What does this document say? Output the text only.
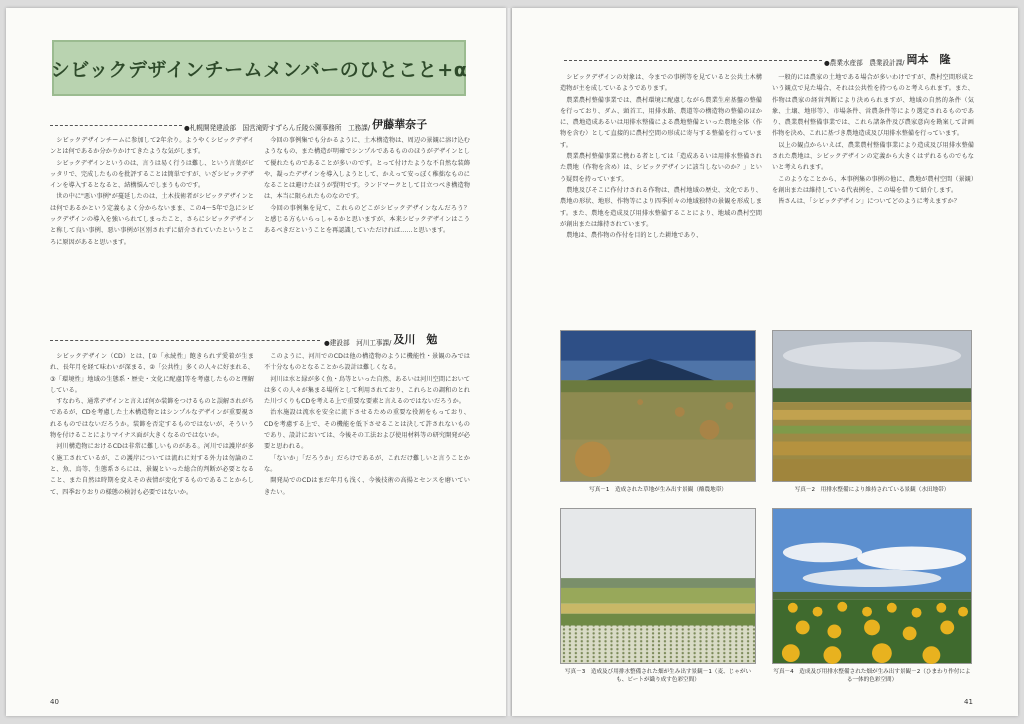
シビックデザインチームメンバーのひとこと+α
●札幌開発建設部　国営滝野すずらん丘陵公園事務所　工務課/ 伊藤華奈子

シビックデザインチームに参加して2年余り。ようやくシビックデザインとは何であるか分かりかけてきたような気がします。

シビックデザインというのは、言うは易く行うは難し、という言葉がピッタリで、完成したものを批評することは簡単ですが、いざシビックデザインを導入するとなると、結構悩んでしまうものです。

世の中に"悪い事例"が蔓延したのは、土木技術者がシビックデザインとは何であるかという定義もよく分からないまま、この4〜5年で急にシビックデザインの導入を強いられてしまったこと、さらにシビックデザインと称して良い事例、悪い事例が区別されずに紹介されていたというところに原因があると思います。

今回の事例集でも分かるように、土木構造物は、周辺の景観に溶け込むようなもの、また構造が明確でシンプルであるもののほうがデザインとして優れたものであることが多いのです。とって付けたような不自然な装飾や、凝ったデザインを導入しようとして、かえって安っぽく稚拙なものになることは避けたほうが賢明です。ランドマークとして目立つべき構造物は、本当に限られたものなのです。

今回の事例集を見て、これらのどこがシビックデザインなんだろう？　と感じる方もいらっしゃるかと思いますが、本来シビックデザインはこうあるべきだということを再認識していただければ……と思います。

●建設部　河川工事課/ 及川　勉

シビックデザイン（CD）とは、[①「永続性」飽きられず愛着が生まれ、長年月を経て味わいが深まる、②「公共性」多くの人々に好まれる、③「環境性」地域の生態系・歴史・文化に配慮]等を考慮したものと理解している。

すなわち、通常デザインと言えば何か装飾をつけるものと誤解されがちであるが、CDを考慮した土木構造物とはシンプルなデザインが重要視されるものではないだろうか。装飾を否定するものではないが、そういう物を付けることによりマイナス面が大きくなるのではないか。

河川構造物におけるCDは非常に難しいものがある。河川では護岸が多く施工されているが、この護岸については流れに対する外力は勿論のこと、魚、鳥等、生態系さらには、景観といった総合的判断が必要となること、また自然は時期を変えその表情が変化するものであることからして、四季おりおりの様態の検討も必要ではないか。

このように、河川でのCDは他の構造物のように機能性・景観のみでは不十分なものとなることから設計は難しくなる。

河川は水と緑が多く魚・鳥等といった自然、あるいは河川空間においては多くの人々が集まる場所として利用されており、これらとの調和のとれた川づくりもCDを考える上で重要な要素と言えるのではないだろうか。

治水施設は流水を安全に流下させるための重要な役割をもっており、CDを考慮する上で、その機能を低下させることは決して許されないものであり、設計においては、今後その工法および使用材料等の研究開発が必要と思われる。

「ないか」「だろうか」だらけであるが、これだけ難しいと言うことかな。

開発局でのCDはまだ年月も浅く、今後技術の高揚とセンスを磨いていきたい。

40
●農業水産部　農業設計課/ 岡本　隆

シビックデザインの対象は、今までの事例等を見ていると公共土木構造物が主を成しているようであります。

農業農村整備事業では、農村環境に配慮しながら農業生産基盤の整備を行っており、ダム、頭首工、用排水路、農道等の構造物の整備のほかに、農地造成あるいは用排水整備による農地整備といった農地全体（作物を含む）として直接的に農村空間の形成に寄与する整備を行っています。

農業農村整備事業に携わる者としては「造成あるいは用排水整備された農地（作物を含め）は、シビックデザインに該当しないのか？」という疑問を持っています。

農地及びそこに作付けされる作物は、農村地域の歴史、文化であり、農地の形状、地形、作物等により四季折々の地域独特の景観を形成します。また、農地を造成及び用排水整備することにより、地域の農村空間が創出または維持されています。

農地は、農作物の作付を目的とした耕地であり、

一般的には農家の土地である場合が多いわけですが、農村空間形成という観点で見た場合、それは公共性を持つものと考えられます。また、作物は農家の経営判断により決められますが、地域の自然的条件（気象、土壌、地形等）、市場条件、営農条件等により選定されるものであり、農業農村整備事業では、これら諸条件及び農家意向を勘案して計画作物を決め、これに基づき農地造成及び用排水整備を行っています。

以上の観点からいえば、農業農村整備事業により造成及び用排水整備された農地は、シビックデザインの定義から大きくはずれるものでもないと考えられます。

このようなことから、本事例集の事例の他に、農地が農村空間（景観）を創出または維持している代表例を、この場を借りて紹介します。

皆さんは、「シビックデザイン」についてどのように考えますか？

写真－1　造成された草地が生み出す景観（酪農地帯）	写真－2　用排水整備により維持されている景観（水田地帯）
写真－3　造成及び用排水整備された畑が生み出す景観－1（麦、じゃがいも、ビートが織り成す色彩空間）
写真－4　造成及び用排水整備された畑が生み出す景観－2（ひまわり作付による一体的色彩空間）
41
